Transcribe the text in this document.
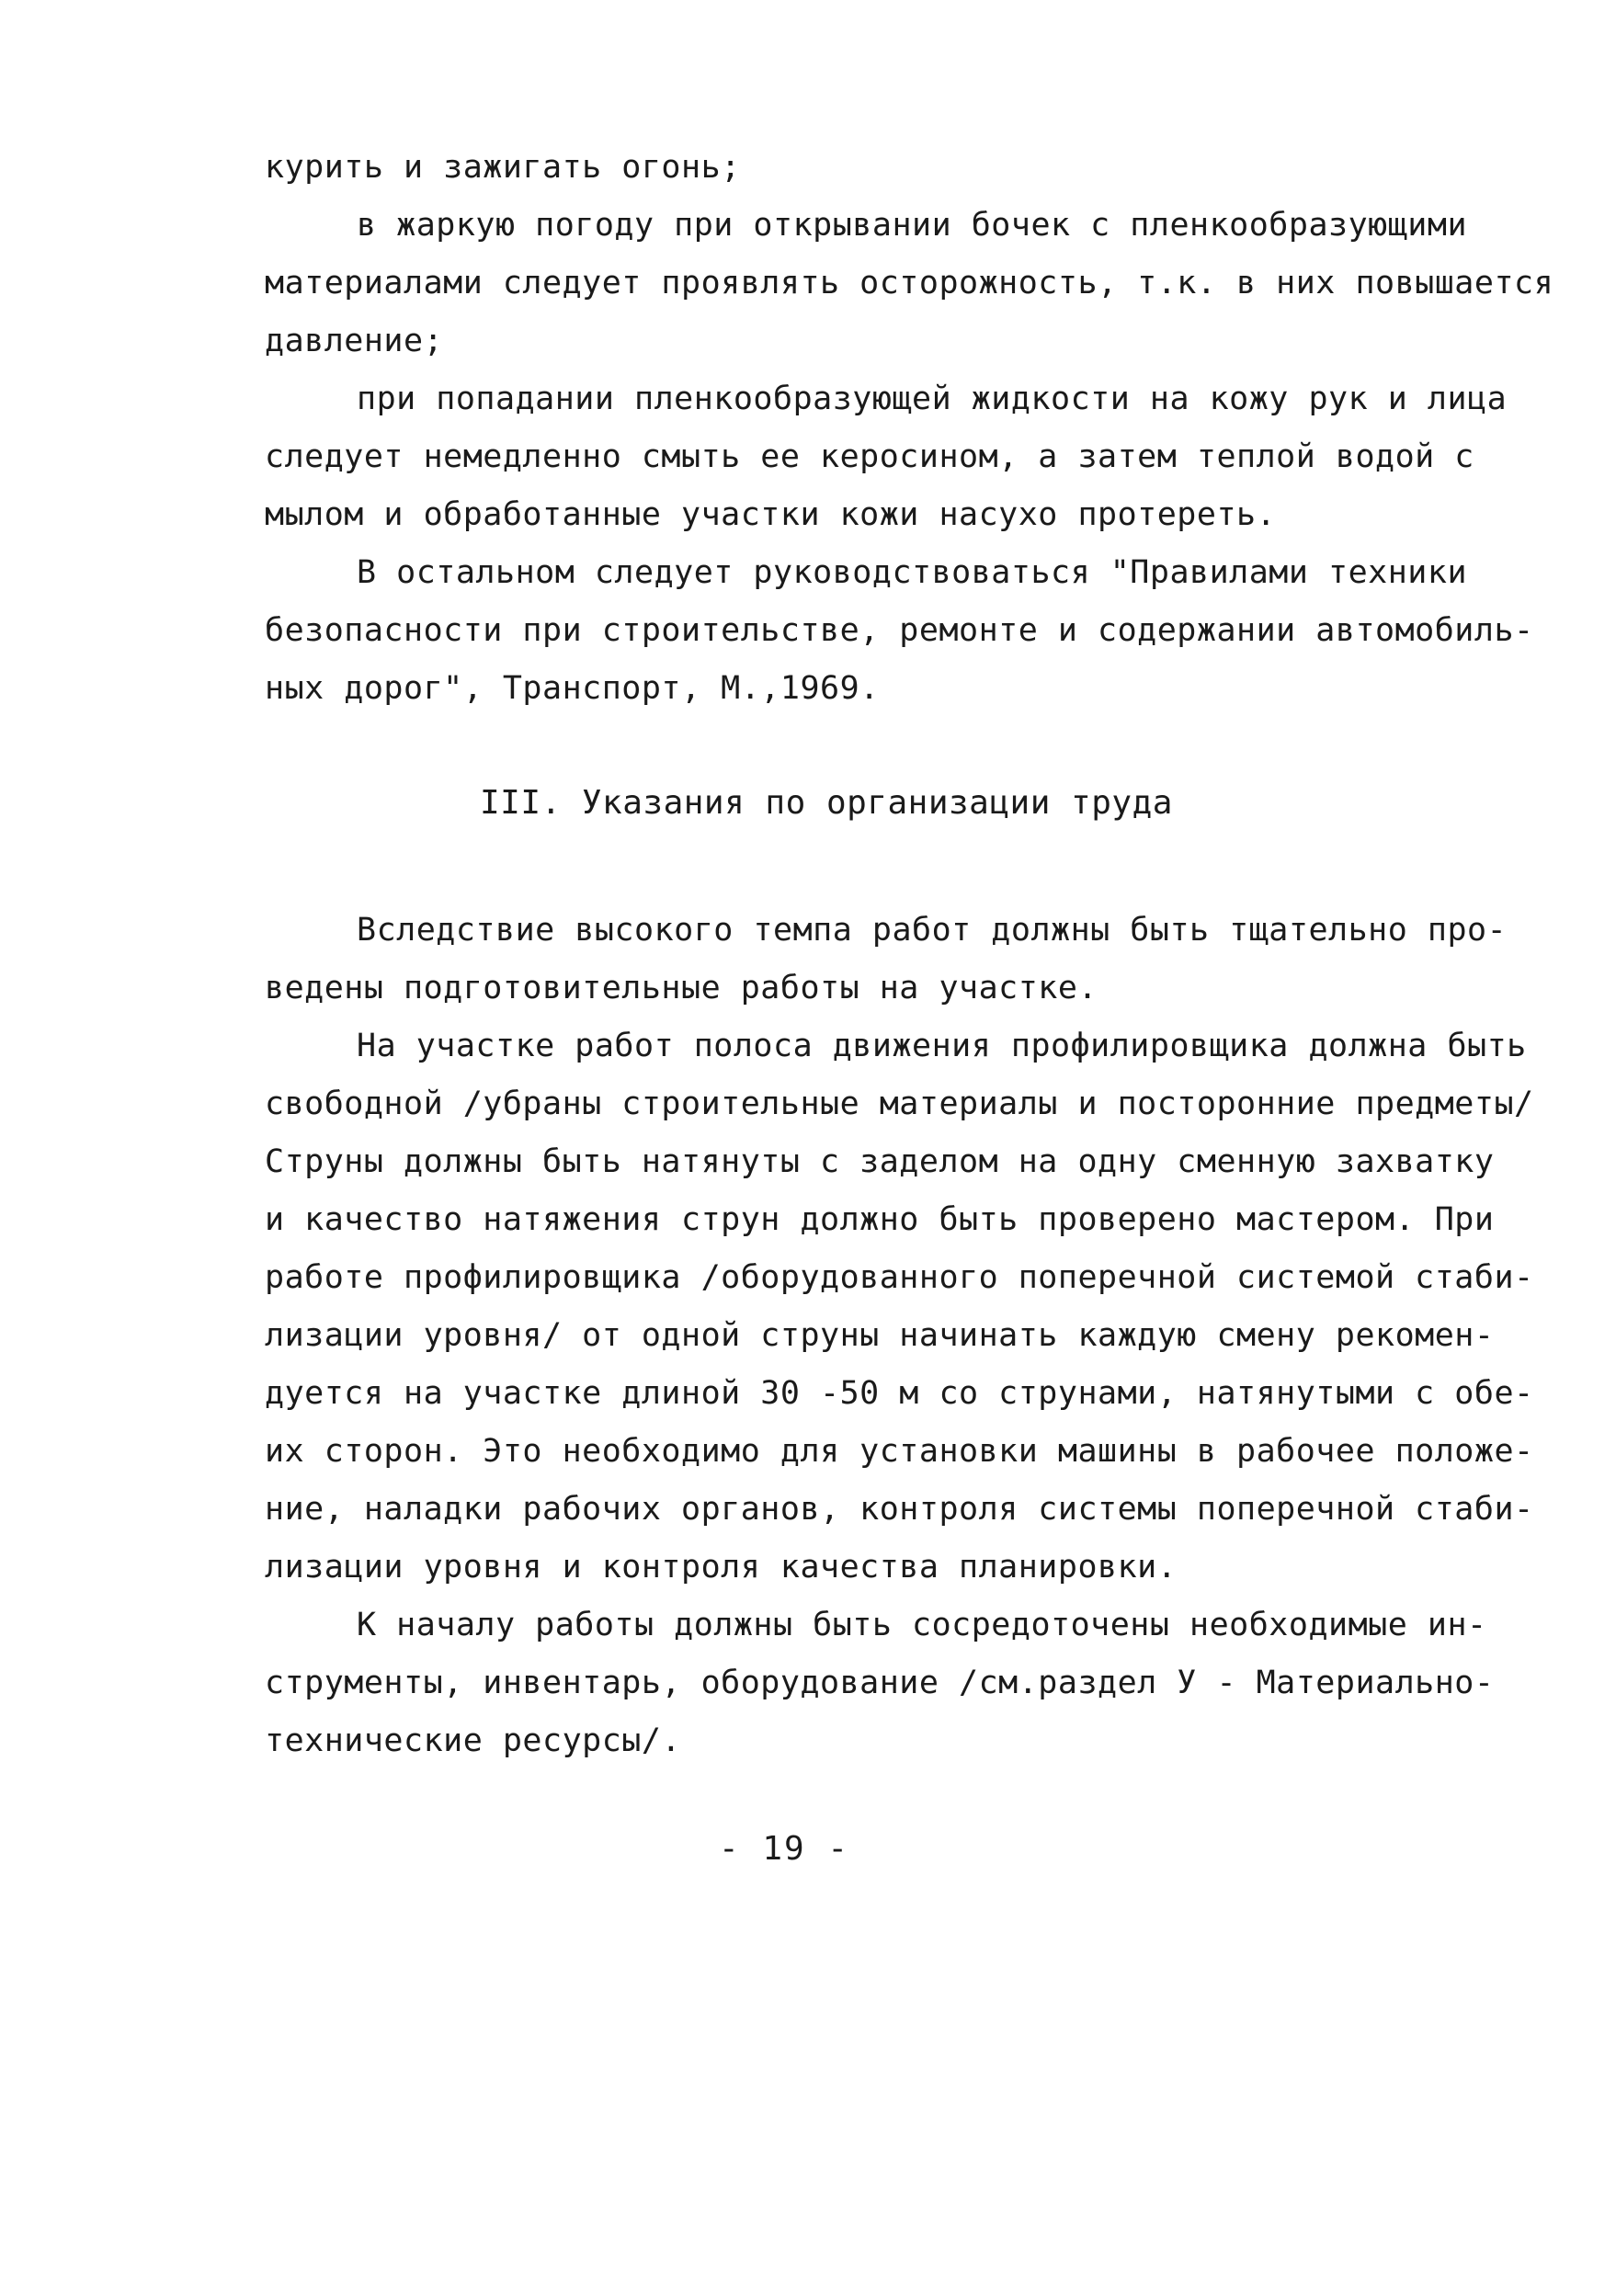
курить и зажигать огонь;
в жаркую погоду при открывании бочек с пленкообразующими
материалами следует проявлять осторожность, т.к. в них повышается
давление;
при попадании пленкообразующей жидкости на кожу рук и лица
следует немедленно смыть ее керосином, а затем теплой водой с
мылом и обработанные участки кожи насухо протереть.
В остальном следует руководствоваться "Правилами техники
безопасности при строительстве, ремонте и содержании автомобиль-
ных дорог", Транспорт, М.,1969.
III. Указания по организации труда
Вследствие высокого темпа работ должны быть тщательно про-
ведены подготовительные работы на участке.
На участке работ полоса движения профилировщика должна быть
свободной /убраны строительные материалы и посторонние предметы/
Струны должны быть натянуты с заделом на одну сменную захватку
и качество натяжения струн должно быть проверено мастером. При
работе профилировщика /оборудованного поперечной системой стаби-
лизации уровня/ от одной струны начинать каждую смену рекомен-
дуется на участке длиной 30 -50 м со струнами, натянутыми с обе-
их сторон. Это необходимо для установки машины в рабочее положе-
ние, наладки рабочих органов, контроля системы поперечной стаби-
лизации уровня и контроля качества планировки.
К началу работы должны быть сосредоточены необходимые ин-
струменты, инвентарь, оборудование /см.раздел У - Материально-
технические ресурсы/.
- 19 -
